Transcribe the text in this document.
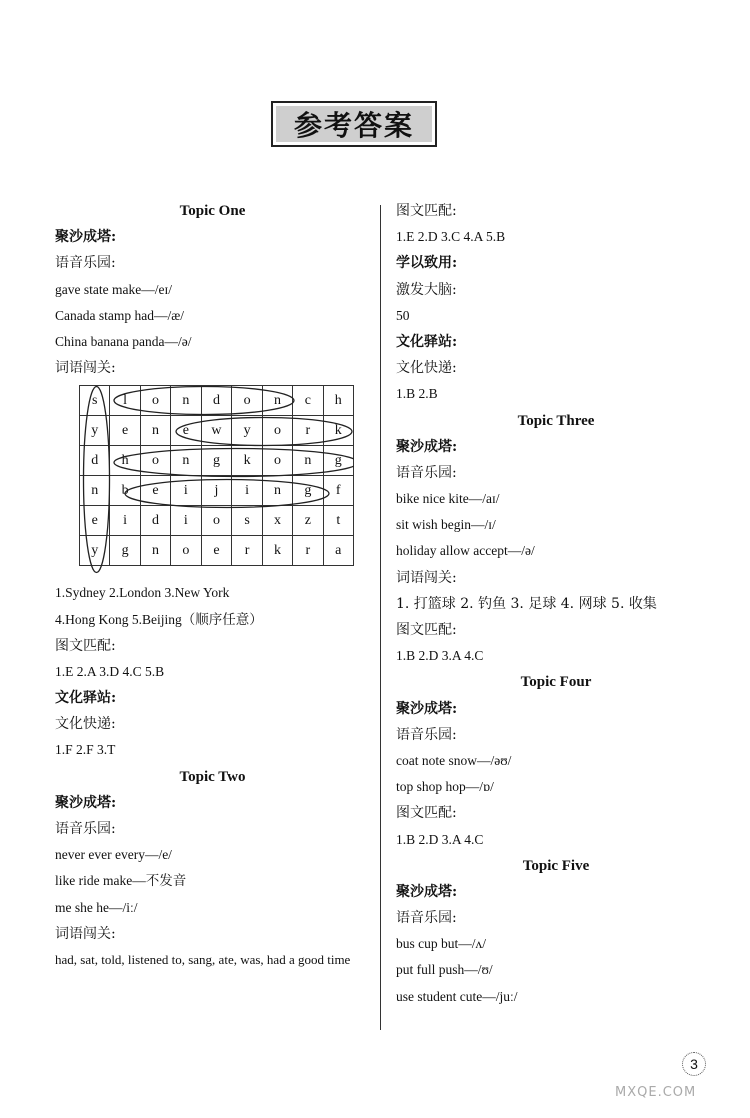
参考答案
Topic One
聚沙成塔:
语音乐园:
gave state make—/eɪ/
Canada stamp had—/æ/
China banana panda—/ə/
词语闯关:
s	l	o	n	d	o	n	c	h
y	e	n	e	w	y	o	r	k
d	h	o	n	g	k	o	n	g
n	b	e	i	j	i	n	g	f
e	i	d	i	o	s	x	z	t
y	g	n	o	e	r	k	r	a
1.Sydney 2.London 3.New York
4.Hong Kong 5.Beijing（顺序任意）
图文匹配:
1.E 2.A 3.D 4.C 5.B
文化驿站:
文化快递:
1.F 2.F 3.T
Topic Two
聚沙成塔:
语音乐园:
never ever every—/e/
like ride make—不发音
me she he—/iː/
词语闯关:
had, sat, told, listened to, sang, ate, was, had a good time
图文匹配:
1.E 2.D 3.C 4.A 5.B
学以致用:
激发大脑:
50
文化驿站:
文化快递:
1.B 2.B
Topic Three
聚沙成塔:
语音乐园:
bike nice kite—/aɪ/
sit wish begin—/ɪ/
holiday allow accept—/ə/
词语闯关:
1. 打篮球 2. 钓鱼 3. 足球 4. 网球 5. 收集
图文匹配:
1.B 2.D 3.A 4.C
Topic Four
聚沙成塔:
语音乐园:
coat note snow—/əʊ/
top shop hop—/ɒ/
图文匹配:
1.B 2.D 3.A 4.C
Topic Five
聚沙成塔:
语音乐园:
bus cup but—/ʌ/
put full push—/ʊ/
use student cute—/juː/
3
MXQE.COM
